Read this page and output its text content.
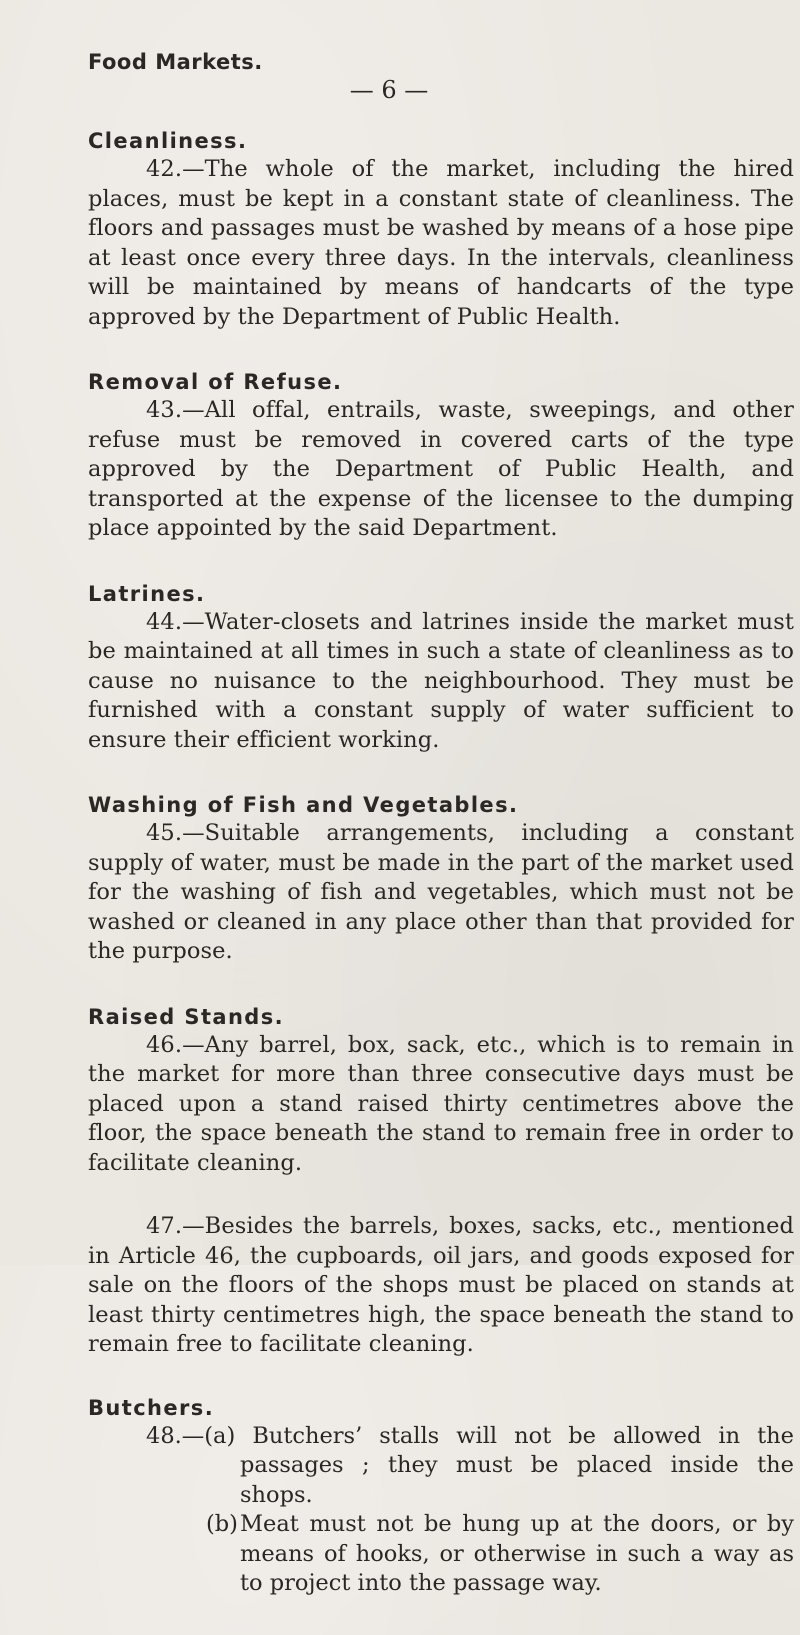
Food Markets.
— 6 —
Cleanliness.

42.—The whole of the market, including the hired places, must be kept in a constant state of cleanliness. The floors and passages must be washed by means of a hose pipe at least once every three days. In the intervals, cleanliness will be maintained by means of handcarts of the type approved by the Department of Public Health.

Removal of Refuse.

43.—All offal, entrails, waste, sweepings, and other refuse must be removed in covered carts of the type approved by the Department of Public Health, and transported at the expense of the licensee to the dumping place appointed by the said Department.

Latrines.

44.—Water-closets and latrines inside the market must be maintained at all times in such a state of cleanliness as to cause no nuisance to the neighbourhood. They must be furnished with a constant supply of water sufficient to ensure their efficient working.

Washing of Fish and Vegetables.

45.—Suitable arrangements, including a constant supply of water, must be made in the part of the market used for the washing of fish and vegetables, which must not be washed or cleaned in any place other than that provided for the purpose.

Raised Stands.

46.—Any barrel, box, sack, etc., which is to remain in the market for more than three consecutive days must be placed upon a stand raised thirty centimetres above the floor, the space beneath the stand to remain free in order to facilitate cleaning.

47.—Besides the barrels, boxes, sacks, etc., mentioned in Article 46, the cupboards, oil jars, and goods exposed for sale on the floors of the shops must be placed on stands at least thirty centimetres high, the space beneath the stand to remain free to facilitate cleaning.

Butchers.

48.—(a) Butchers’ stalls will not be allowed in the passages ; they must be placed inside the shops.

(b)Meat must not be hung up at the doors, or by means of hooks, or otherwise in such a way as to project into the passage way.
